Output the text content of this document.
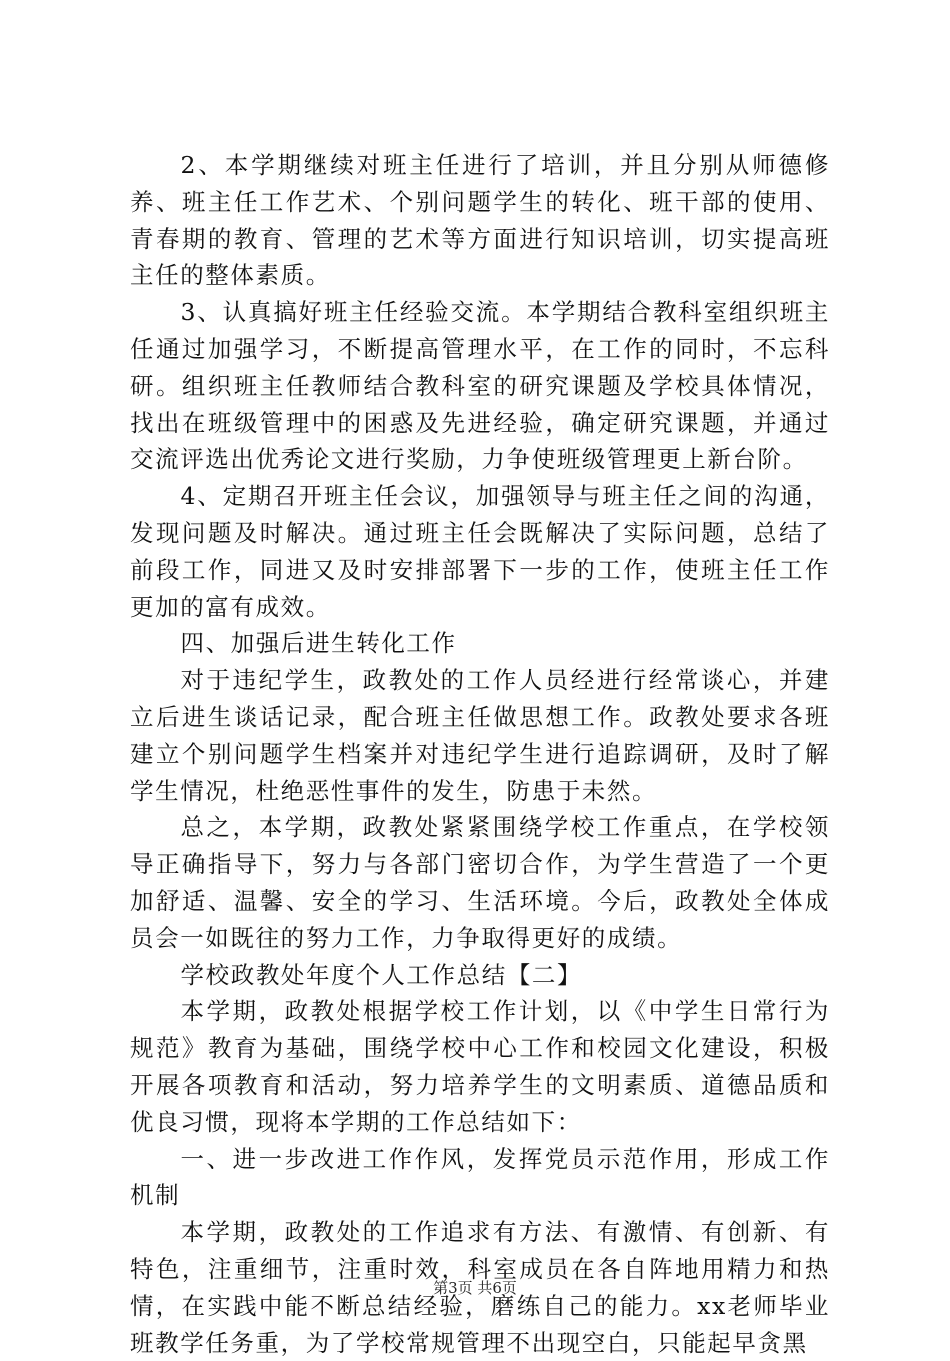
2、本学期继续对班主任进行了培训，并且分别从师德修养、班主任工作艺术、个别问题学生的转化、班干部的使用、青春期的教育、管理的艺术等方面进行知识培训，切实提高班主任的整体素质。

3、认真搞好班主任经验交流。本学期结合教科室组织班主任通过加强学习，不断提高管理水平，在工作的同时，不忘科研。组织班主任教师结合教科室的研究课题及学校具体情况，找出在班级管理中的困惑及先进经验，确定研究课题，并通过交流评选出优秀论文进行奖励，力争使班级管理更上新台阶。

4、定期召开班主任会议，加强领导与班主任之间的沟通，发现问题及时解决。通过班主任会既解决了实际问题，总结了前段工作，同进又及时安排部署下一步的工作，使班主任工作更加的富有成效。

四、加强后进生转化工作

对于违纪学生，政教处的工作人员经进行经常谈心，并建立后进生谈话记录，配合班主任做思想工作。政教处要求各班建立个别问题学生档案并对违纪学生进行追踪调研，及时了解学生情况，杜绝恶性事件的发生，防患于未然。

总之，本学期，政教处紧紧围绕学校工作重点，在学校领导正确指导下，努力与各部门密切合作，为学生营造了一个更加舒适、温馨、安全的学习、生活环境。今后，政教处全体成员会一如既往的努力工作，力争取得更好的成绩。

学校政教处年度个人工作总结【二】

本学期，政教处根据学校工作计划，以《中学生日常行为规范》教育为基础，围绕学校中心工作和校园文化建设，积极开展各项教育和活动，努力培养学生的文明素质、道德品质和优良习惯，现将本学期的工作总结如下：

一、进一步改进工作作风，发挥党员示范作用，形成工作机制

本学期，政教处的工作追求有方法、有激情、有创新、有特色，注重细节，注重时效，科室成员在各自阵地用精力和热情，在实践中能不断总结经验，磨练自己的能力。xx老师毕业班教学任务重，为了学校常规管理不出现空白，只能起早贪黑

第3页 共6页
